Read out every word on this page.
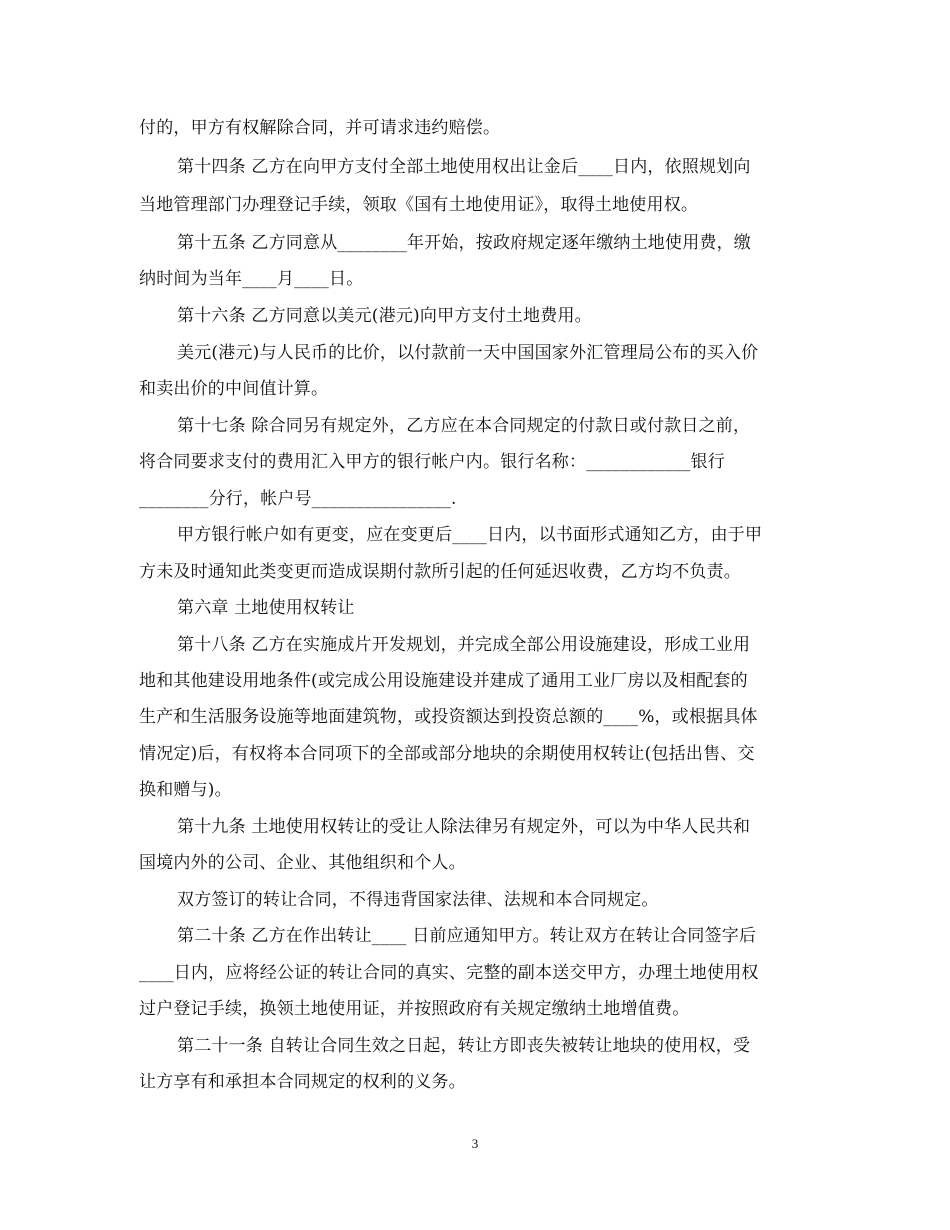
付的，甲方有权解除合同，并可请求违约赔偿。
第十四条 乙方在向甲方支付全部土地使用权出让金后____日内，依照规划向
当地管理部门办理登记手续，领取《国有土地使用证》，取得土地使用权。
第十五条 乙方同意从________年开始，按政府规定逐年缴纳土地使用费，缴
纳时间为当年____月____日。
第十六条 乙方同意以美元(港元)向甲方支付土地费用。
美元(港元)与人民币的比价，以付款前一天中国国家外汇管理局公布的买入价
和卖出价的中间值计算。
第十七条 除合同另有规定外，乙方应在本合同规定的付款日或付款日之前，
将合同要求支付的费用汇入甲方的银行帐户内。银行名称：____________银行
________分行，帐户号________________.
甲方银行帐户如有更变，应在变更后____日内，以书面形式通知乙方，由于甲
方未及时通知此类变更而造成误期付款所引起的任何延迟收费，乙方均不负责。
第六章 土地使用权转让
第十八条 乙方在实施成片开发规划，并完成全部公用设施建设，形成工业用
地和其他建设用地条件(或完成公用设施建设并建成了通用工业厂房以及相配套的
生产和生活服务设施等地面建筑物，或投资额达到投资总额的____%，或根据具体
情况定)后，有权将本合同项下的全部或部分地块的余期使用权转让(包括出售、交
换和赠与)。
第十九条 土地使用权转让的受让人除法律另有规定外，可以为中华人民共和
国境内外的公司、企业、其他组织和个人。
双方签订的转让合同，不得违背国家法律、法规和本合同规定。
第二十条 乙方在作出转让____ 日前应通知甲方。转让双方在转让合同签字后
____日内，应将经公证的转让合同的真实、完整的副本送交甲方，办理土地使用权
过户登记手续，换领土地使用证，并按照政府有关规定缴纳土地增值费。
第二十一条 自转让合同生效之日起，转让方即丧失被转让地块的使用权，受
让方享有和承担本合同规定的权利的义务。
3
